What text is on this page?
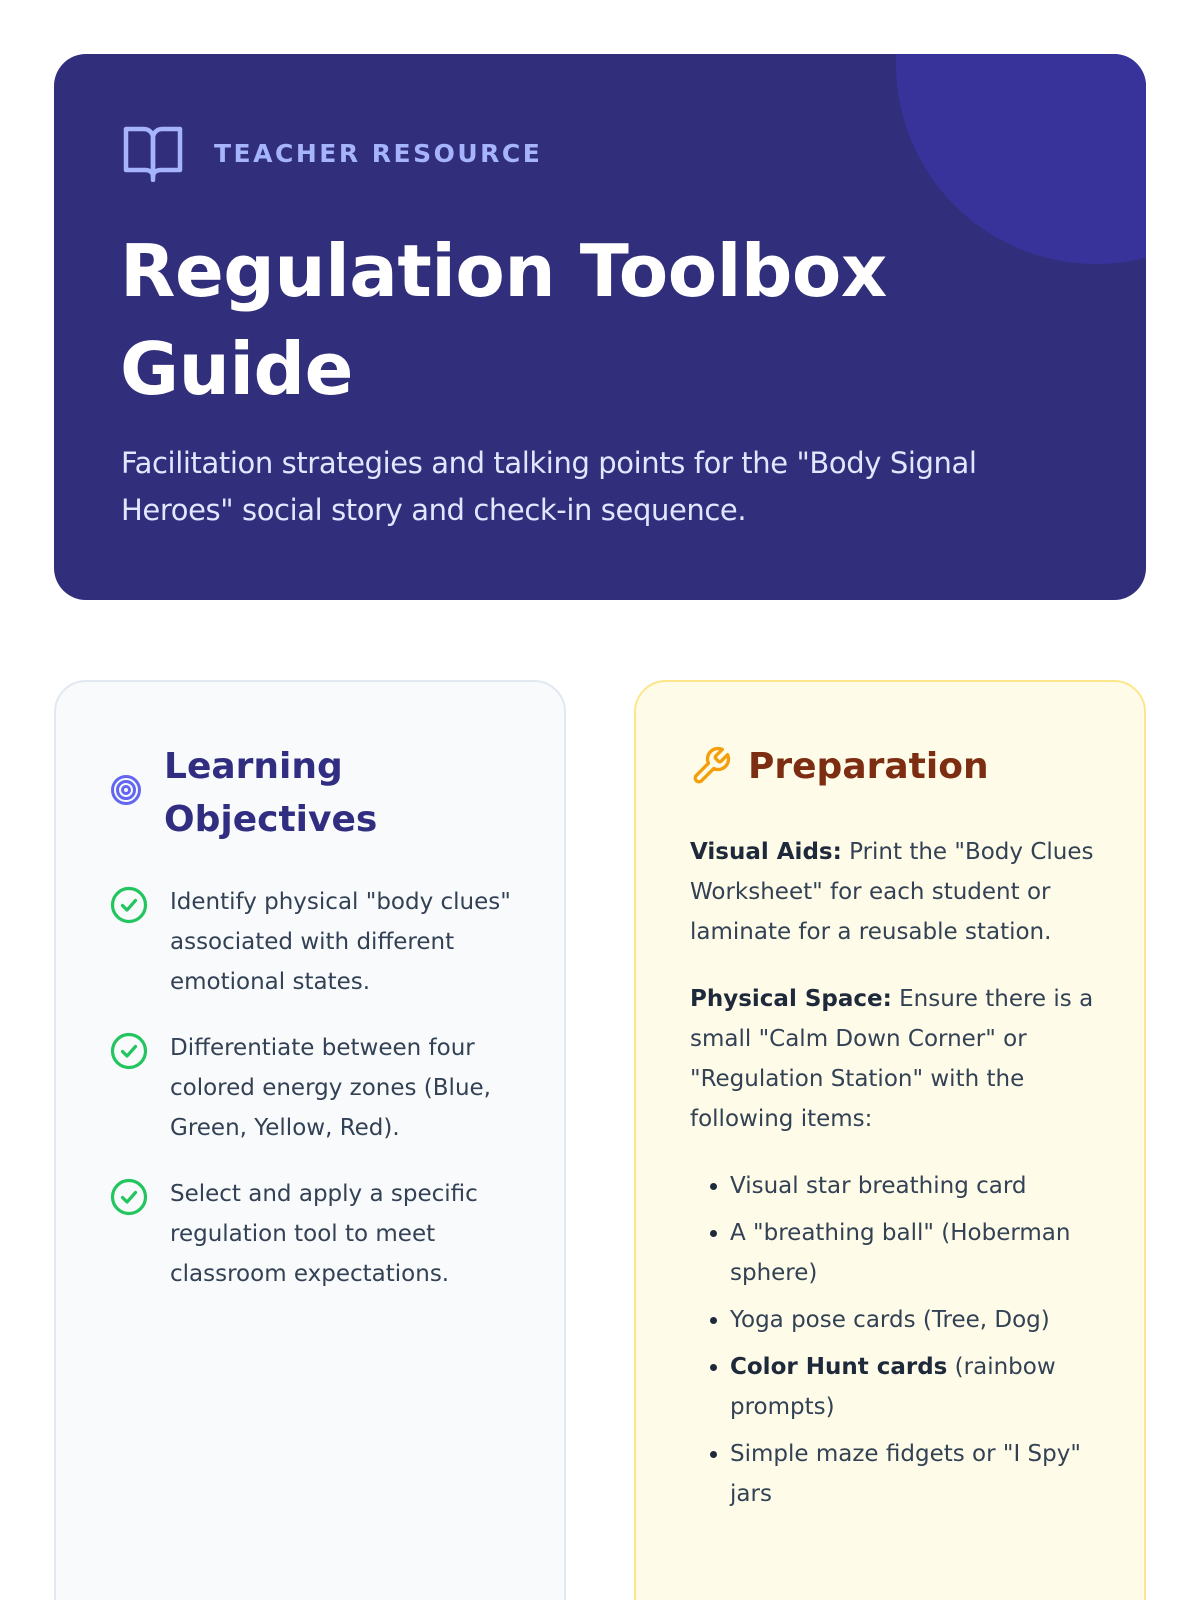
TEACHER RESOURCE
Regulation Toolbox Guide

Facilitation strategies and talking points for the "Body Signal Heroes" social story and check-in sequence.

Learning Objectives
Identify physical "body clues" associated with different emotional states.
Differentiate between four colored energy zones (Blue, Green, Yellow, Red).
Select and apply a specific regulation tool to meet classroom expectations.
Preparation

Visual Aids: Print the "Body Clues Worksheet" for each student or laminate for a reusable station.

Physical Space: Ensure there is a small "Calm Down Corner" or "Regulation Station" with the following items:

• Visual star breathing card
• A "breathing ball" (Hoberman sphere)
• Yoga pose cards (Tree, Dog)
• Color Hunt cards (rainbow prompts)
• Simple maze fidgets or "I Spy" jars
